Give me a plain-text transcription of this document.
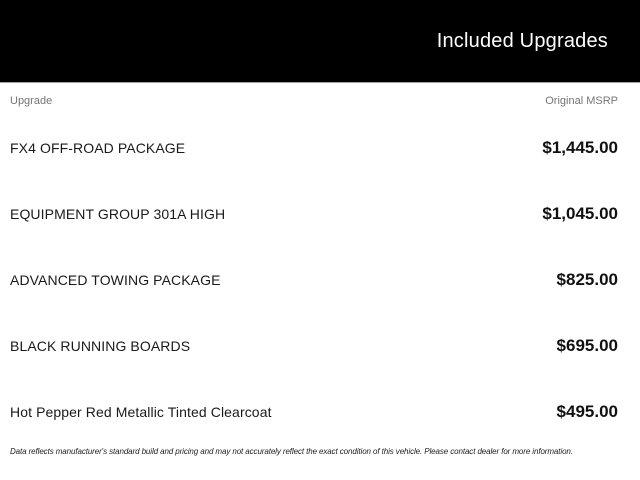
Included Upgrades
Upgrade	Original MSRP
FX4 OFF-ROAD PACKAGE	$1,445.00
EQUIPMENT GROUP 301A HIGH	$1,045.00
ADVANCED TOWING PACKAGE	$825.00
BLACK RUNNING BOARDS	$695.00
Hot Pepper Red Metallic Tinted Clearcoat	$495.00

Data reflects manufacturer's standard build and pricing and may not accurately reflect the exact condition of this vehicle. Please contact dealer for more information.
